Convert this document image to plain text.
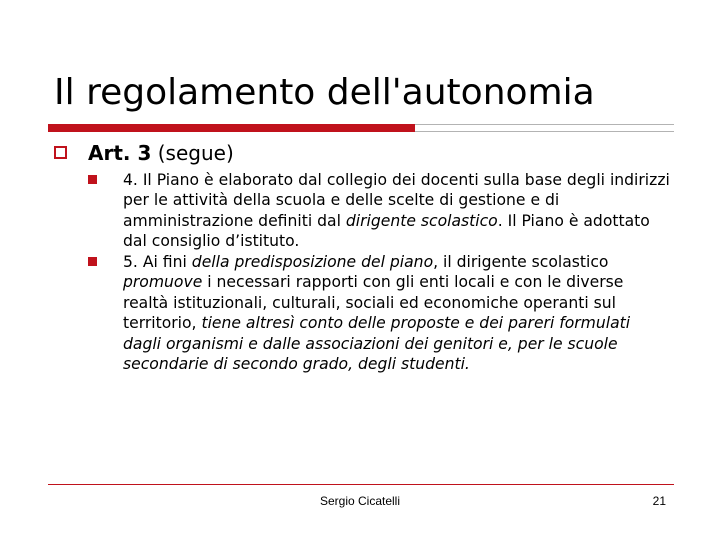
Il regolamento dell'autonomia
Art. 3 (segue)
4. Il Piano è elaborato dal collegio dei docenti sulla base degli indirizzi per le attività della scuola e delle scelte di gestione e di amministrazione definiti dal dirigente scolastico. Il Piano è adottato dal consiglio d’istituto.
5. Ai fini della predisposizione del piano, il dirigente scolastico promuove i necessari rapporti con gli enti locali e con le diverse realtà istituzionali, culturali, sociali ed economiche operanti sul territorio, tiene altresì conto delle proposte e dei pareri formulati dagli organismi e dalle associazioni dei genitori e, per le scuole secondarie di secondo grado, degli studenti.
Sergio Cicatelli	21
